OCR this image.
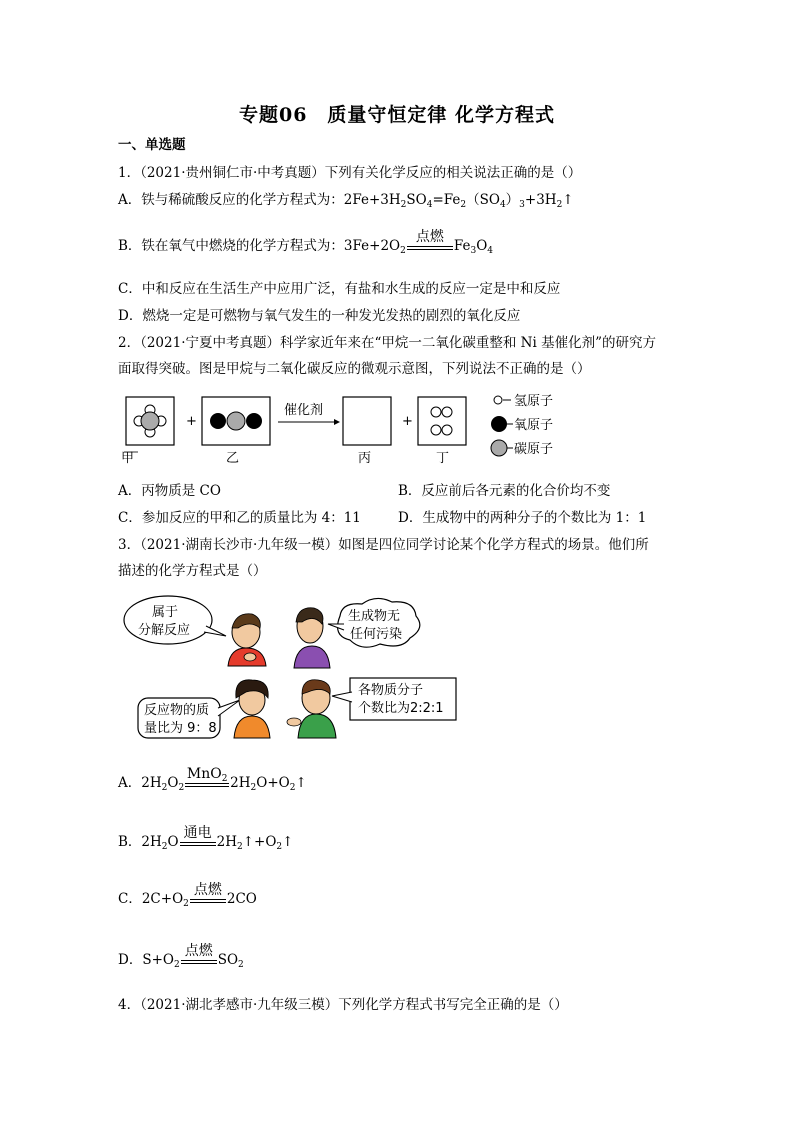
专题06　质量守恒定律 化学方程式
一、单选题
1．（2021·贵州铜仁市·中考真题）下列有关化学反应的相关说法正确的是（）
A．铁与稀硫酸反应的化学方程式为：$2Fe+3H_2SO_4=Fe_2(SO_4)_3+3H_2↑$
B．铁在氧气中燃烧的化学方程式为：$3Fe+2O_2$
点燃
$Fe_3O_4$
C．中和反应在生活生产中应用广泛，有盐和水生成的反应一定是中和反应
D．燃烧一定是可燃物与氧气发生的一种发光发热的剧烈的氧化反应
2．（2021·宁夏中考真题）科学家近年来在“甲烷一二氧化碳重整和 Ni 基催化剂”的研究方
面取得突破。图是甲烷与二氧化碳反应的微观示意图，下列说法不正确的是（）
甲
+
乙
催化剂
丙
+
丁
氢原子
氧原子
碳原子
A．丙物质是 CO	B．反应前后各元素的化合价均不变
C．参加反应的甲和乙的质量比为 4：11	D．生成物中的两种分子的个数比为 1：1
3．（2021·湖南长沙市·九年级一模）如图是四位同学讨论某个化学方程式的场景。他们所
描述的化学方程式是（）
属于
分解反应
生成物无
任何污染
反应物的质
量比为 9：8
各物质分子
个数比为2:2:1
A．$2H_2O_2$
MnO$_2$ $2H_2O+O_2↑$
B．$2H_2O$
通电
$2H_2↑+O_2↑$
C．$2C+O_2$
点燃
2CO
D．$S+O_2$
点燃
$SO_2$
4．（2021·湖北孝感市·九年级三模）下列化学方程式书写完全正确的是（）
